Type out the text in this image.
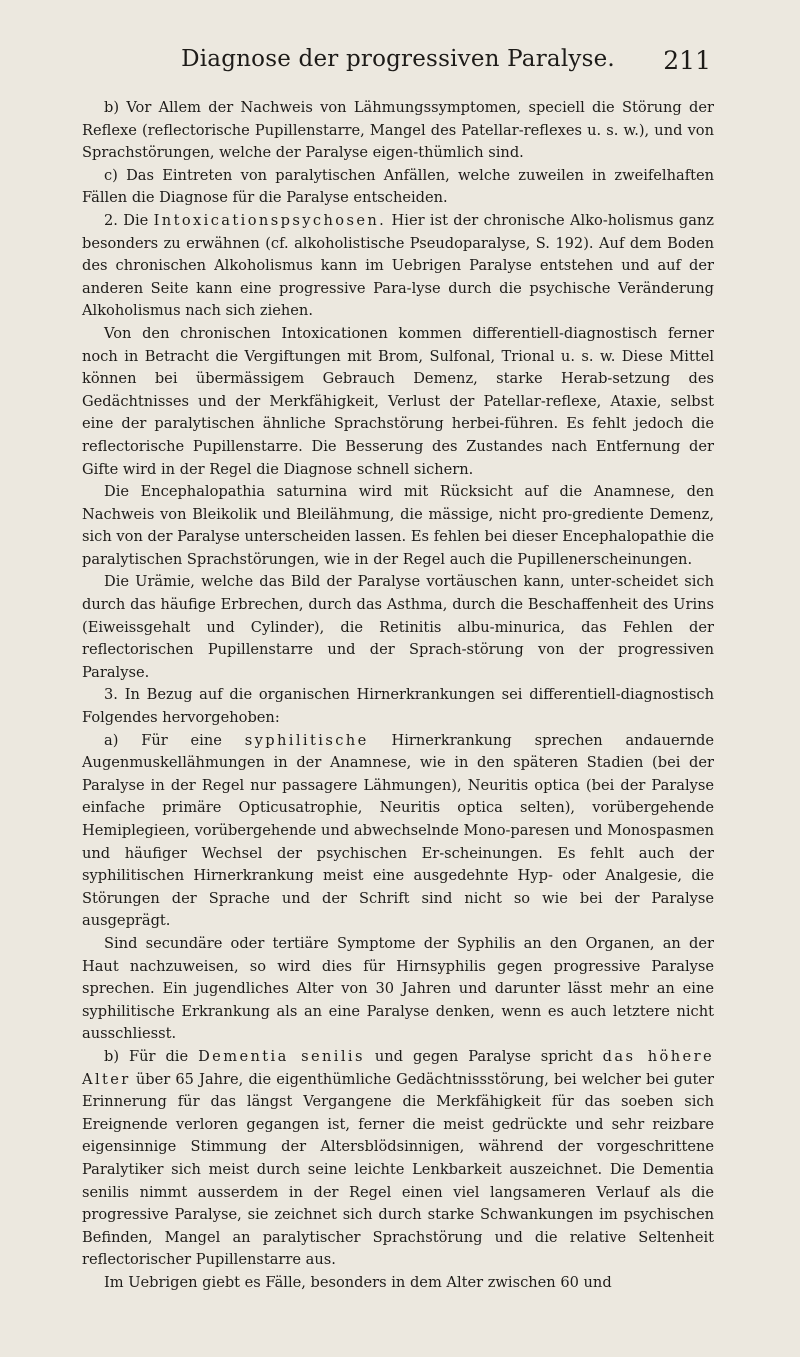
Diagnose der progressiven Paralyse.	211

b) Vor Allem der Nachweis von Lähmungssymptomen, speciell die Störung der Reflexe (reflectorische Pupillenstarre, Mangel des Patellar-reflexes u. s. w.), und von Sprachstörungen, welche der Paralyse eigen-thümlich sind.

c) Das Eintreten von paralytischen Anfällen, welche zuweilen in zweifelhaften Fällen die Diagnose für die Paralyse entscheiden.

2. Die Intoxicationspsychosen. Hier ist der chronische Alko-holismus ganz besonders zu erwähnen (cf. alkoholistische Pseudoparalyse, S. 192). Auf dem Boden des chronischen Alkoholismus kann im Uebrigen Paralyse entstehen und auf der anderen Seite kann eine progressive Para-lyse durch die psychische Veränderung Alkoholismus nach sich ziehen.

Von den chronischen Intoxicationen kommen differentiell-diagnostisch ferner noch in Betracht die Vergiftungen mit Brom, Sulfonal, Trional u. s. w. Diese Mittel können bei übermässigem Gebrauch Demenz, starke Herab-setzung des Gedächtnisses und der Merkfähigkeit, Verlust der Patellar-reflexe, Ataxie, selbst eine der paralytischen ähnliche Sprachstörung herbei-führen. Es fehlt jedoch die reflectorische Pupillenstarre. Die Besserung des Zustandes nach Entfernung der Gifte wird in der Regel die Diagnose schnell sichern.

Die Encephalopathia saturnina wird mit Rücksicht auf die Anamnese, den Nachweis von Bleikolik und Bleilähmung, die mässige, nicht pro-grediente Demenz, sich von der Paralyse unterscheiden lassen. Es fehlen bei dieser Encephalopathie die paralytischen Sprachstörungen, wie in der Regel auch die Pupillenerscheinungen.

Die Urämie, welche das Bild der Paralyse vortäuschen kann, unter-scheidet sich durch das häufige Erbrechen, durch das Asthma, durch die Beschaffenheit des Urins (Eiweissgehalt und Cylinder), die Retinitis albu-minurica, das Fehlen der reflectorischen Pupillenstarre und der Sprach-störung von der progressiven Paralyse.

3. In Bezug auf die organischen Hirnerkrankungen sei differentiell-diagnostisch Folgendes hervorgehoben:

a) Für eine syphilitische Hirnerkrankung sprechen andauernde Augenmuskellähmungen in der Anamnese, wie in den späteren Stadien (bei der Paralyse in der Regel nur passagere Lähmungen), Neuritis optica (bei der Paralyse einfache primäre Opticusatrophie, Neuritis optica selten), vorübergehende Hemiplegieen, vorübergehende und abwechselnde Mono-paresen und Monospasmen und häufiger Wechsel der psychischen Er-scheinungen. Es fehlt auch der syphilitischen Hirnerkrankung meist eine ausgedehnte Hyp- oder Analgesie, die Störungen der Sprache und der Schrift sind nicht so wie bei der Paralyse ausgeprägt.

Sind secundäre oder tertiäre Symptome der Syphilis an den Organen, an der Haut nachzuweisen, so wird dies für Hirnsyphilis gegen progressive Paralyse sprechen. Ein jugendliches Alter von 30 Jahren und darunter lässt mehr an eine syphilitische Erkrankung als an eine Paralyse denken, wenn es auch letztere nicht ausschliesst.

b) Für die Dementia senilis und gegen Paralyse spricht das höhere Alter über 65 Jahre, die eigenthümliche Gedächtnissstörung, bei welcher bei guter Erinnerung für das längst Vergangene die Merkfähigkeit für das soeben sich Ereignende verloren gegangen ist, ferner die meist gedrückte und sehr reizbare eigensinnige Stimmung der Altersblödsinnigen, während der vorgeschrittene Paralytiker sich meist durch seine leichte Lenkbarkeit auszeichnet. Die Dementia senilis nimmt ausserdem in der Regel einen viel langsameren Verlauf als die progressive Paralyse, sie zeichnet sich durch starke Schwankungen im psychischen Befinden, Mangel an paralytischer Sprachstörung und die relative Seltenheit reflectorischer Pupillenstarre aus.

Im Uebrigen giebt es Fälle, besonders in dem Alter zwischen 60 und
